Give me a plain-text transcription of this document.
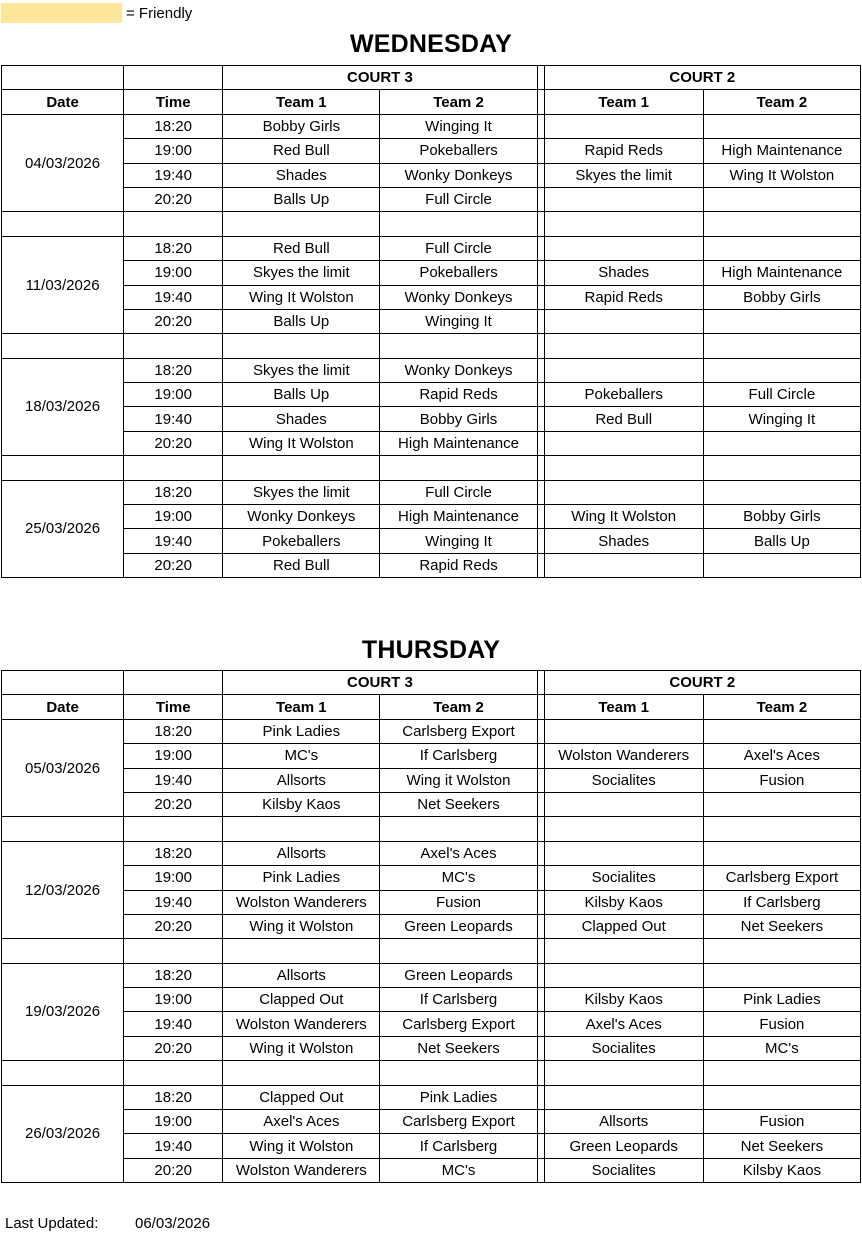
= Friendly
WEDNESDAY
		COURT 3			COURT 2	
Date	Time	Team 1	Team 2		Team 1	Team 2
04/03/2026	18:20	Bobby Girls	Winging It			
	19:00	Red Bull	Pokeballers		Rapid Reds	High Maintenance
	19:40	Shades	Wonky Donkeys		Skyes the limit	Wing It Wolston
	20:20	Balls Up	Full Circle			

11/03/2026	18:20	Red Bull	Full Circle			
	19:00	Skyes the limit	Pokeballers		Shades	High Maintenance
	19:40	Wing It Wolston	Wonky Donkeys		Rapid Reds	Bobby Girls
	20:20	Balls Up	Winging It			

18/03/2026	18:20	Skyes the limit	Wonky Donkeys			
	19:00	Balls Up	Rapid Reds		Pokeballers	Full Circle
	19:40	Shades	Bobby Girls		Red Bull	Winging It
	20:20	Wing It Wolston	High Maintenance			

25/03/2026	18:20	Skyes the limit	Full Circle			
	19:00	Wonky Donkeys	High Maintenance		Wing It Wolston	Bobby Girls
	19:40	Pokeballers	Winging It		Shades	Balls Up
	20:20	Red Bull	Rapid Reds			
THURSDAY
		COURT 3			COURT 2	
Date	Time	Team 1	Team 2		Team 1	Team 2
05/03/2026	18:20	Pink Ladies	Carlsberg Export			
	19:00	MC's	If Carlsberg		Wolston Wanderers	Axel's Aces
	19:40	Allsorts	Wing it Wolston		Socialites	Fusion
	20:20	Kilsby Kaos	Net Seekers			

12/03/2026	18:20	Allsorts	Axel's Aces			
	19:00	Pink Ladies	MC's		Socialites	Carlsberg Export
	19:40	Wolston Wanderers	Fusion		Kilsby Kaos	If Carlsberg
	20:20	Wing it Wolston	Green Leopards		Clapped Out	Net Seekers

19/03/2026	18:20	Allsorts	Green Leopards			
	19:00	Clapped Out	If Carlsberg		Kilsby Kaos	Pink Ladies
	19:40	Wolston Wanderers	Carlsberg Export		Axel's Aces	Fusion
	20:20	Wing it Wolston	Net Seekers		Socialites	MC's

26/03/2026	18:20	Clapped Out	Pink Ladies			
	19:00	Axel's Aces	Carlsberg Export		Allsorts	Fusion
	19:40	Wing it Wolston	If Carlsberg		Green Leopards	Net Seekers
	20:20	Wolston Wanderers	MC's		Socialites	Kilsby Kaos
Last Updated: 06/03/2026
